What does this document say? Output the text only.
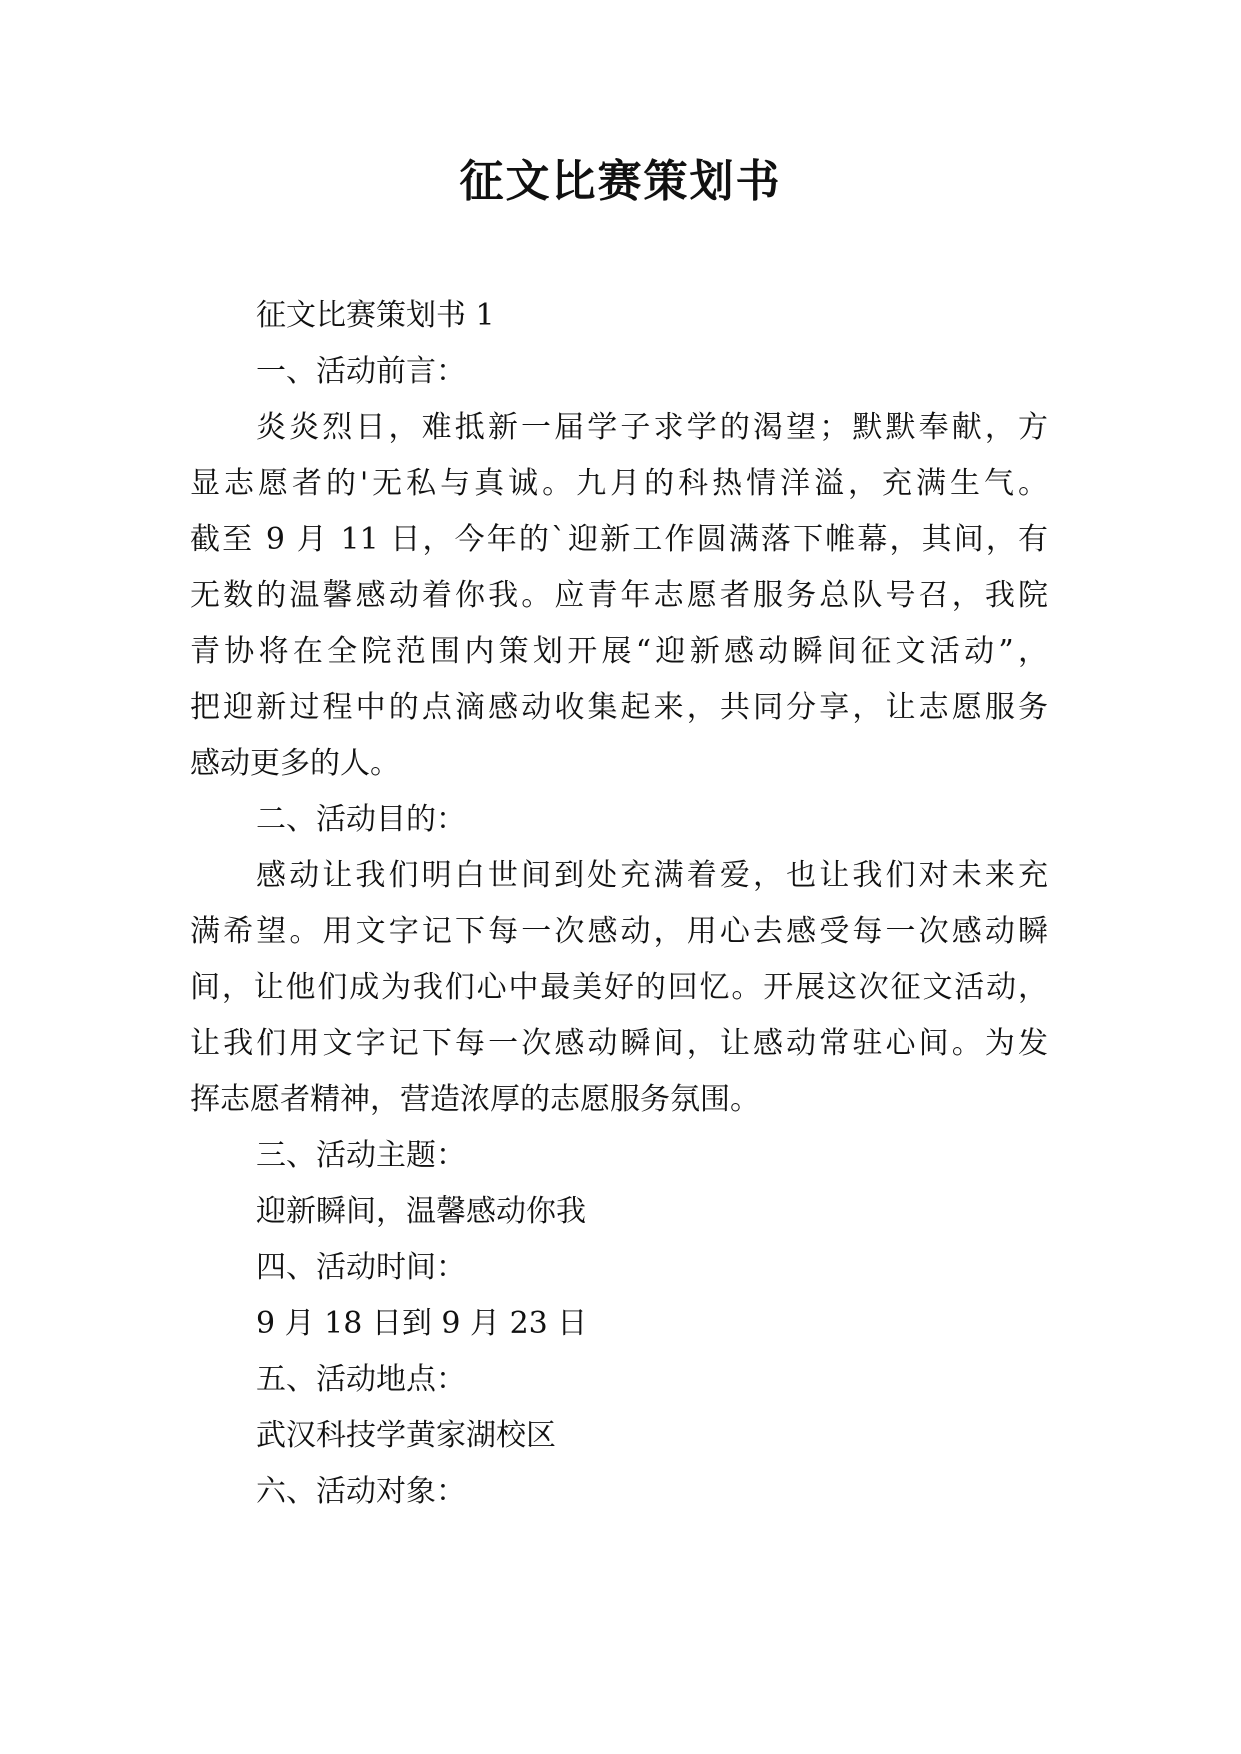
征文比赛策划书
征文比赛策划书 1
一、活动前言：
炎炎烈日，难抵新一届学子求学的渴望；默默奉献，方
显志愿者的'无私与真诚。九月的科热情洋溢，充满生气。
截至 9 月 11 日，今年的`迎新工作圆满落下帷幕，其间，有
无数的温馨感动着你我。应青年志愿者服务总队号召，我院
青协将在全院范围内策划开展“迎新感动瞬间征文活动”，
把迎新过程中的点滴感动收集起来，共同分享，让志愿服务
感动更多的人。
二、活动目的：
感动让我们明白世间到处充满着爱，也让我们对未来充
满希望。用文字记下每一次感动，用心去感受每一次感动瞬
间，让他们成为我们心中最美好的回忆。开展这次征文活动，
让我们用文字记下每一次感动瞬间，让感动常驻心间。为发
挥志愿者精神，营造浓厚的志愿服务氛围。
三、活动主题：
迎新瞬间，温馨感动你我
四、活动时间：
9 月 18 日到 9 月 23 日
五、活动地点：
武汉科技学黄家湖校区
六、活动对象：
